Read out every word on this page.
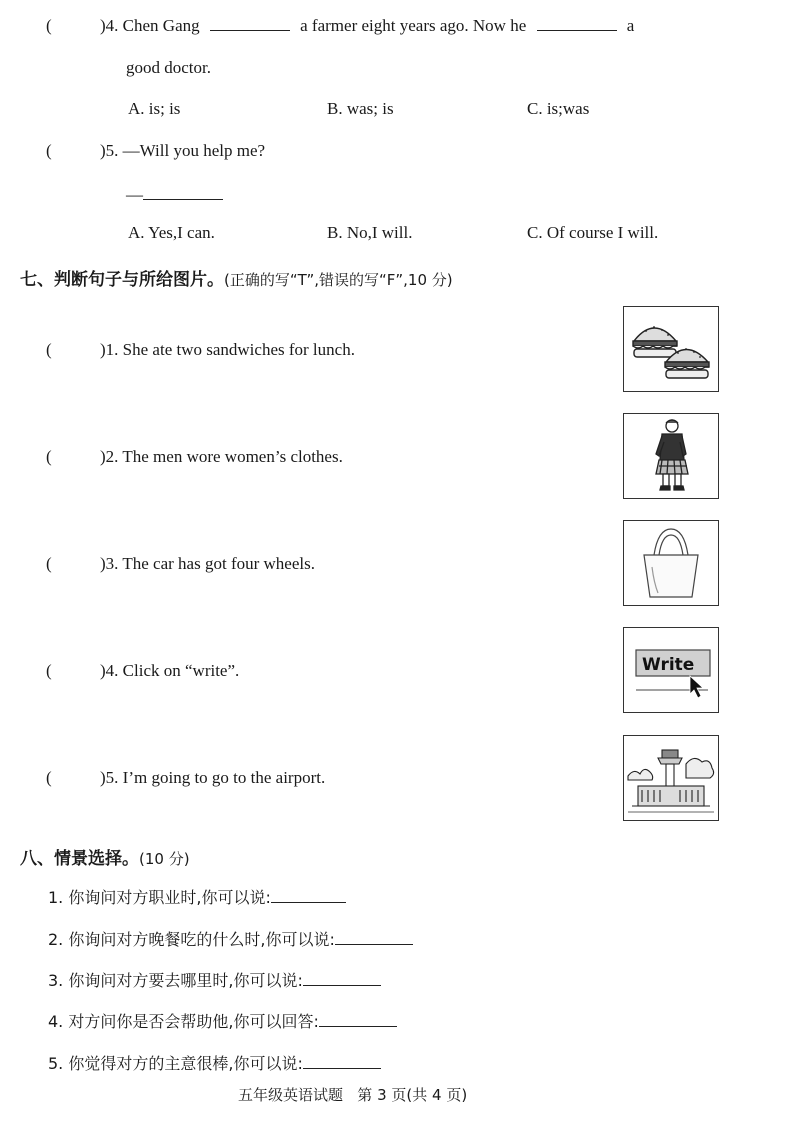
(	)4. Chen Gang	a farmer eight years ago. Now he	a
good doctor.
A. is; is	B. was; is	C. is;was
(	)5. —Will you help me?
—
A. Yes,I can.	B. No,I will.	C. Of course I will.
七、判断句子与所给图片。(正确的写“T”,错误的写“F”,10 分)
(	)1. She ate two sandwiches for lunch.
(	)2. The men wore women’s clothes.
(	)3. The car has got four wheels.
(	)4. Click on “write”.
(	)5. I’m going to go to the airport.
Write
八、情景选择。(10 分)
1. 你询问对方职业时,你可以说:
2. 你询问对方晚餐吃的什么时,你可以说:
3. 你询问对方要去哪里时,你可以说:
4. 对方问你是否会帮助他,你可以回答:
5. 你觉得对方的主意很棒,你可以说:
五年级英语试题   第 3 页(共 4 页)
